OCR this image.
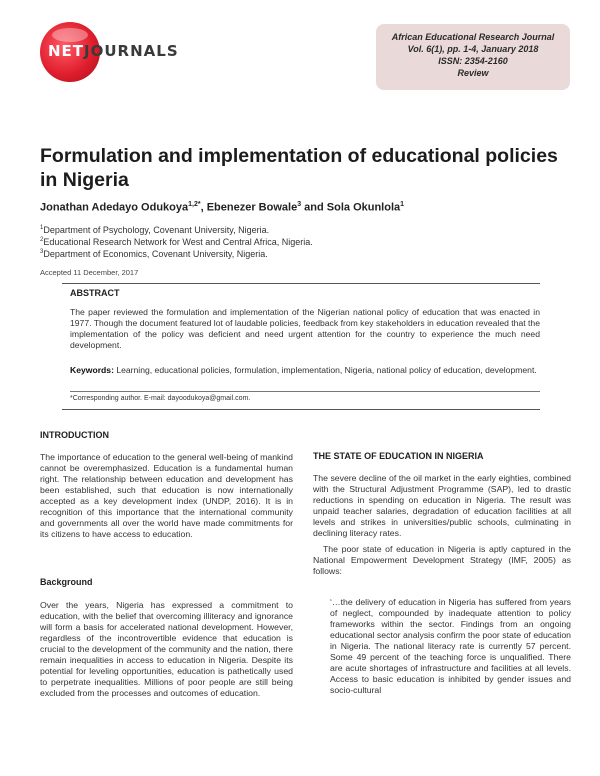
NETJOURNALS
African Educational Research Journal
Vol. 6(1), pp. 1-4, January 2018
ISSN: 2354-2160
Review
Formulation and implementation of educational policies in Nigeria
Jonathan Adedayo Odukoya$^{1,2*}$, Ebenezer Bowale$^3$ and Sola Okunlola$^1$
$^1$Department of Psychology, Covenant University, Nigeria.
$^2$Educational Research Network for West and Central Africa, Nigeria.
$^3$Department of Economics, Covenant University, Nigeria.
Accepted 11 December, 2017
ABSTRACT
The paper reviewed the formulation and implementation of the Nigerian national policy of education that was enacted in 1977. Though the document featured lot of laudable policies, feedback from key stakeholders in education revealed that the implementation of the policy was deficient and need urgent attention for the country to experience the much need development.
Keywords: Learning, educational policies, formulation, implementation, Nigeria, national policy of education, development.
*Corresponding author. E-mail: dayoodukoya@gmail.com.
INTRODUCTION
The importance of education to the general well-being of mankind cannot be overemphasized. Education is a fundamental human right. The relationship between education and development has been established, such that education is now internationally accepted as a key development index (UNDP, 2016). It is in recognition of this importance that the international community and governments all over the world have made commitments for its citizens to have access to education.
Background
Over the years, Nigeria has expressed a commitment to education, with the belief that overcoming illiteracy and ignorance will form a basis for accelerated national development. However, regardless of the incontrovertible evidence that education is crucial to the development of the community and the nation, there remain inequalities in access to education in Nigeria. Despite its potential for leveling opportunities, education is pathetically used to perpetrate inequalities. Millions of poor people are still being excluded from the processes and outcomes of education.
THE STATE OF EDUCATION IN NIGERIA
The severe decline of the oil market in the early eighties, combined with the Structural Adjustment Programme (SAP), led to drastic reductions in spending on education in Nigeria. The result was unpaid teacher salaries, degradation of education facilities at all levels and strikes in universities/public schools, culminating in declining literacy rates.
The poor state of education in Nigeria is aptly captured in the National Empowerment Development Strategy (IMF, 2005) as follows:
‘…the delivery of education in Nigeria has suffered from years of neglect, compounded by inadequate attention to policy frameworks within the sector. Findings from an ongoing educational sector analysis confirm the poor state of education in Nigeria. The national literacy rate is currently 57 percent. Some 49 percent of the teaching force is unqualified. There are acute shortages of infrastructure and facilities at all levels. Access to basic education is inhibited by gender issues and socio-cultural
